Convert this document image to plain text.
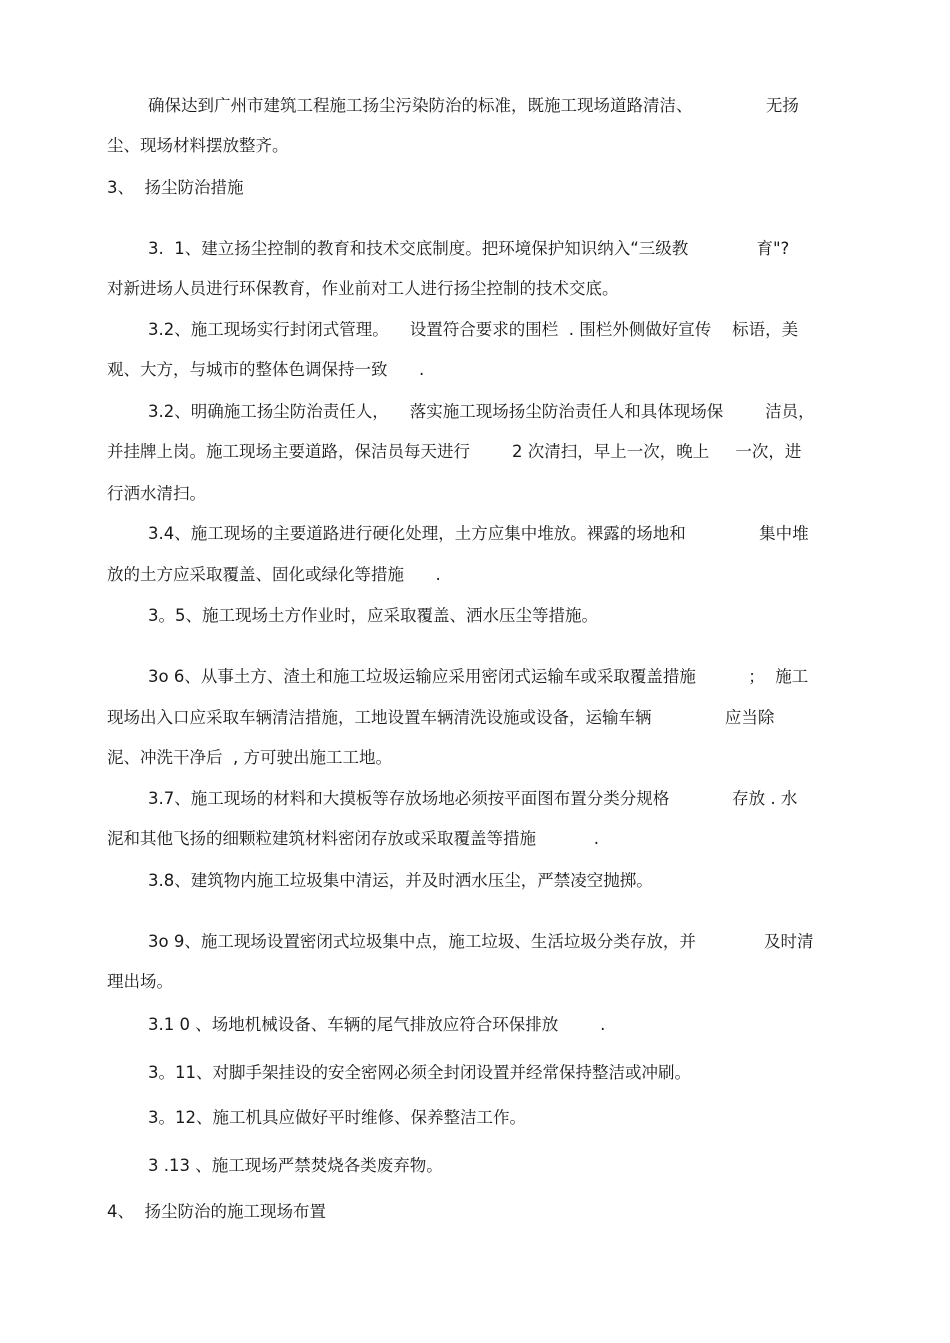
确保达到广州市建筑工程施工扬尘污染防治的标准，既施工现场道路清洁、              无扬
尘、现场材料摆放整齐。
3、  扬尘防治措施
3.  1、建立扬尘控制的教育和技术交底制度。把环境保护知识纳入“三级教             育"?
对新进场人员进行环保教育，作业前对工人进行扬尘控制的技术交底。
3.2、施工现场实行封闭式管理。    设置符合要求的围栏  . 围栏外侧做好宣传    标语，美
观、大方，与城市的整体色调保持一致      .
3.2、明确施工扬尘防治责任人，    落实施工现场扬尘防治责任人和具体现场保        洁员，
并挂牌上岗。施工现场主要道路，保洁员每天进行        2 次清扫，早上一次，晚上     一次，进
行洒水清扫。
3.4、施工现场的主要道路进行硬化处理，土方应集中堆放。裸露的场地和              集中堆
放的土方应采取覆盖、固化或绿化等措施      .
3。5、施工现场土方作业时，应采取覆盖、洒水压尘等措施。
3o 6、从事土方、渣土和施工垃圾运输应采用密闭式运输车或采取覆盖措施          ；  施工
现场出入口应采取车辆清洁措施，工地设置车辆清洗设施或设备，运输车辆              应当除
泥、冲洗干净后  , 方可驶出施工工地。
3.7、施工现场的材料和大摸板等存放场地必须按平面图布置分类分规格            存放 . 水
泥和其他飞扬的细颗粒建筑材料密闭存放或采取覆盖等措施           .
3.8、建筑物内施工垃圾集中清运，并及时洒水压尘，严禁凌空抛掷。
3o 9、施工现场设置密闭式垃圾集中点，施工垃圾、生活垃圾分类存放，并             及时清
理出场。
3.1 0 、场地机械设备、车辆的尾气排放应符合环保排放        .
3。11、对脚手架挂设的安全密网必须全封闭设置并经常保持整洁或冲刷。
3。12、施工机具应做好平时维修、保养整洁工作。
3 .13 、施工现场严禁焚烧各类废弃物。
4、  扬尘防治的施工现场布置
